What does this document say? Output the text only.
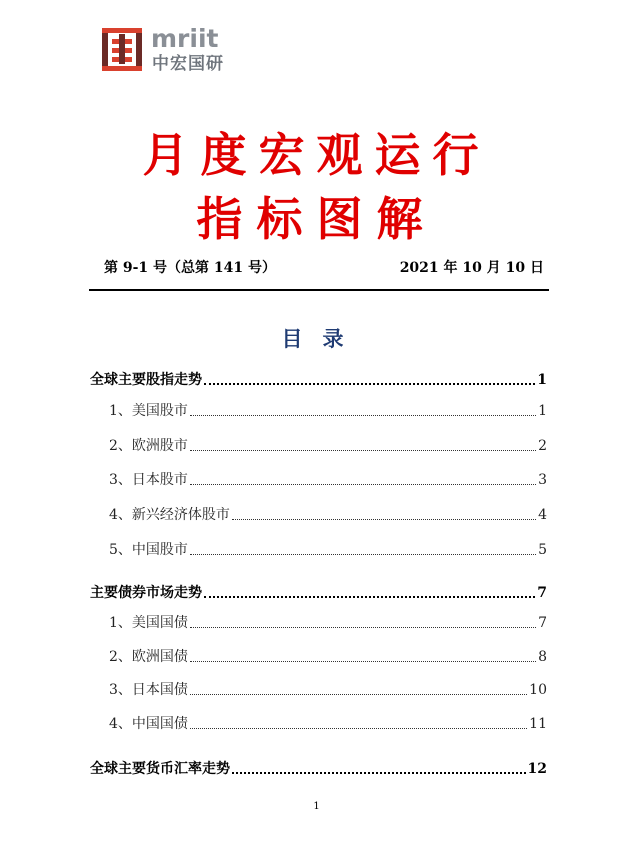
mriit
中宏国研
月度宏观运行
指标图解
第 9-1 号（总第 141 号）	2021 年 10 月 10 日
目录
全球主要股指走势	1
1、美国股市	1
2、欧洲股市	2
3、日本股市	3
4、新兴经济体股市	4
5、中国股市	5
主要债券市场走势	7
1、美国国债	7
2、欧洲国债	8
3、日本国债	10
4、中国国债	11
全球主要货币汇率走势	12
1
